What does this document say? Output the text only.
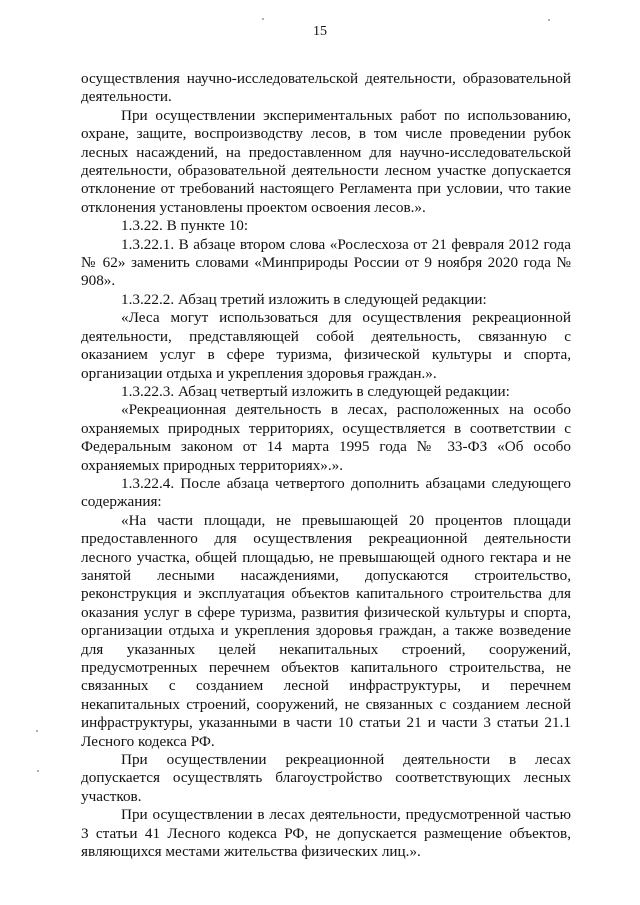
15

осуществления научно-исследовательской деятельности, образовательной деятельности.

При осуществлении экспериментальных работ по использованию, охране, защите, воспроизводству лесов, в том числе проведении рубок лесных насаждений, на предоставленном для научно-исследовательской деятельности, образовательной деятельности лесном участке допускается отклонение от требований настоящего Регламента при условии, что такие отклонения установлены проектом освоения лесов.».

1.3.22. В пункте 10:

1.3.22.1. В абзаце втором слова «Рослесхоза от 21 февраля 2012 года № 62» заменить словами «Минприроды России от 9 ноября 2020 года № 908».

1.3.22.2. Абзац третий изложить в следующей редакции:

«Леса могут использоваться для осуществления рекреационной деятельности, представляющей собой деятельность, связанную с оказанием услуг в сфере туризма, физической культуры и спорта, организации отдыха и укрепления здоровья граждан.».

1.3.22.3. Абзац четвертый изложить в следующей редакции:

«Рекреационная деятельность в лесах, расположенных на особо охраняемых природных территориях, осуществляется в соответствии с Федеральным законом от 14 марта 1995 года № 33-ФЗ «Об особо охраняемых природных территориях».».

1.3.22.4. После абзаца четвертого дополнить абзацами следующего содержания:

«На части площади, не превышающей 20 процентов площади предоставленного для осуществления рекреационной деятельности лесного участка, общей площадью, не превышающей одного гектара и не занятой лесными насаждениями, допускаются строительство, реконструкция и эксплуатация объектов капитального строительства для оказания услуг в сфере туризма, развития физической культуры и спорта, организации отдыха и укрепления здоровья граждан, а также возведение для указанных целей некапитальных строений, сооружений, предусмотренных перечнем объектов капитального строительства, не связанных с созданием лесной инфраструктуры, и перечнем некапитальных строений, сооружений, не связанных с созданием лесной инфраструктуры, указанными в части 10 статьи 21 и части 3 статьи 21.1 Лесного кодекса РФ.

При осуществлении рекреационной деятельности в лесах допускается осуществлять благоустройство соответствующих лесных участков.

При осуществлении в лесах деятельности, предусмотренной частью 3 статьи 41 Лесного кодекса РФ, не допускается размещение объектов, являющихся местами жительства физических лиц.».
